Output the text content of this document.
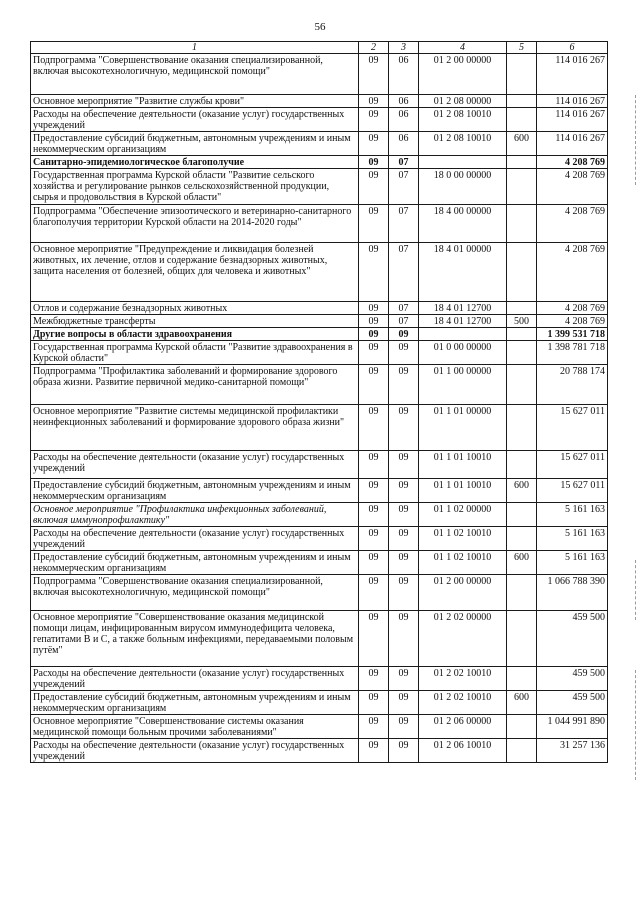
56
1	2	3	4	5	6
Подпрограмма "Совершенствование оказания специализированной, включая высокотехнологичную, медицинской помощи"	09	06	01 2 00 00000		114 016 267
Основное мероприятие "Развитие службы крови"	09	06	01 2 08 00000		114 016 267
Расходы на обеспечение деятельности (оказание услуг) государственных учреждений	09	06	01 2 08 10010		114 016 267
Предоставление субсидий бюджетным, автономным учреждениям и иным некоммерческим организациям	09	06	01 2 08 10010	600	114 016 267
Санитарно-эпидемиологическое благополучие	09	07			4 208 769
Государственная программа Курской области "Развитие сельского хозяйства и регулирование рынков сельскохозяйственной продукции, сырья и продовольствия в Курской области"	09	07	18 0 00 00000		4 208 769
Подпрограмма "Обеспечение эпизоотического и ветеринарно-санитарного благополучия территории Курской области на 2014-2020 годы"	09	07	18 4 00 00000		4 208 769
Основное мероприятие "Предупреждение и ликвидация болезней животных, их лечение, отлов и содержание безнадзорных животных, защита населения от болезней, общих для человека и животных"	09	07	18 4 01 00000		4 208 769
Отлов и содержание безнадзорных животных	09	07	18 4 01 12700		4 208 769
Межбюджетные трансферты	09	07	18 4 01 12700	500	4 208 769
Другие вопросы в области здравоохранения	09	09			1 399 531 718
Государственная программа Курской области "Развитие здравоохранения в Курской области"	09	09	01 0 00 00000		1 398 781 718
Подпрограмма "Профилактика заболеваний и формирование здорового образа жизни. Развитие первичной медико-санитарной помощи"	09	09	01 1 00 00000		20 788 174
Основное мероприятие "Развитие системы медицинской профилактики неинфекционных заболеваний и формирование здорового образа жизни"	09	09	01 1 01 00000		15 627 011
Расходы на обеспечение деятельности (оказание услуг) государственных учреждений	09	09	01 1 01 10010		15 627 011
Предоставление субсидий бюджетным, автономным учреждениям и иным некоммерческим организациям	09	09	01 1 01 10010	600	15 627 011
Основное мероприятие "Профилактика инфекционных заболеваний, включая иммунопрофилактику"	09	09	01 1 02 00000		5 161 163
Расходы на обеспечение деятельности (оказание услуг) государственных учреждений	09	09	01 1 02 10010		5 161 163
Предоставление субсидий бюджетным, автономным учреждениям и иным некоммерческим организациям	09	09	01 1 02 10010	600	5 161 163
Подпрограмма "Совершенствование оказания специализированной, включая высокотехнологичную, медицинской помощи"	09	09	01 2 00 00000		1 066 788 390
Основное мероприятие "Совершенствование оказания медицинской помощи лицам, инфицированным вирусом иммунодефицита человека, гепатитами B и C, а также больным инфекциями, передаваемыми половым путём"	09	09	01 2 02 00000		459 500
Расходы на обеспечение деятельности (оказание услуг) государственных учреждений	09	09	01 2 02 10010		459 500
Предоставление субсидий бюджетным, автономным учреждениям и иным некоммерческим организациям	09	09	01 2 02 10010	600	459 500
Основное мероприятие "Совершенствование системы оказания медицинской помощи больным прочими заболеваниями"	09	09	01 2 06 00000		1 044 991 890
Расходы на обеспечение деятельности (оказание услуг) государственных учреждений	09	09	01 2 06 10010		31 257 136
